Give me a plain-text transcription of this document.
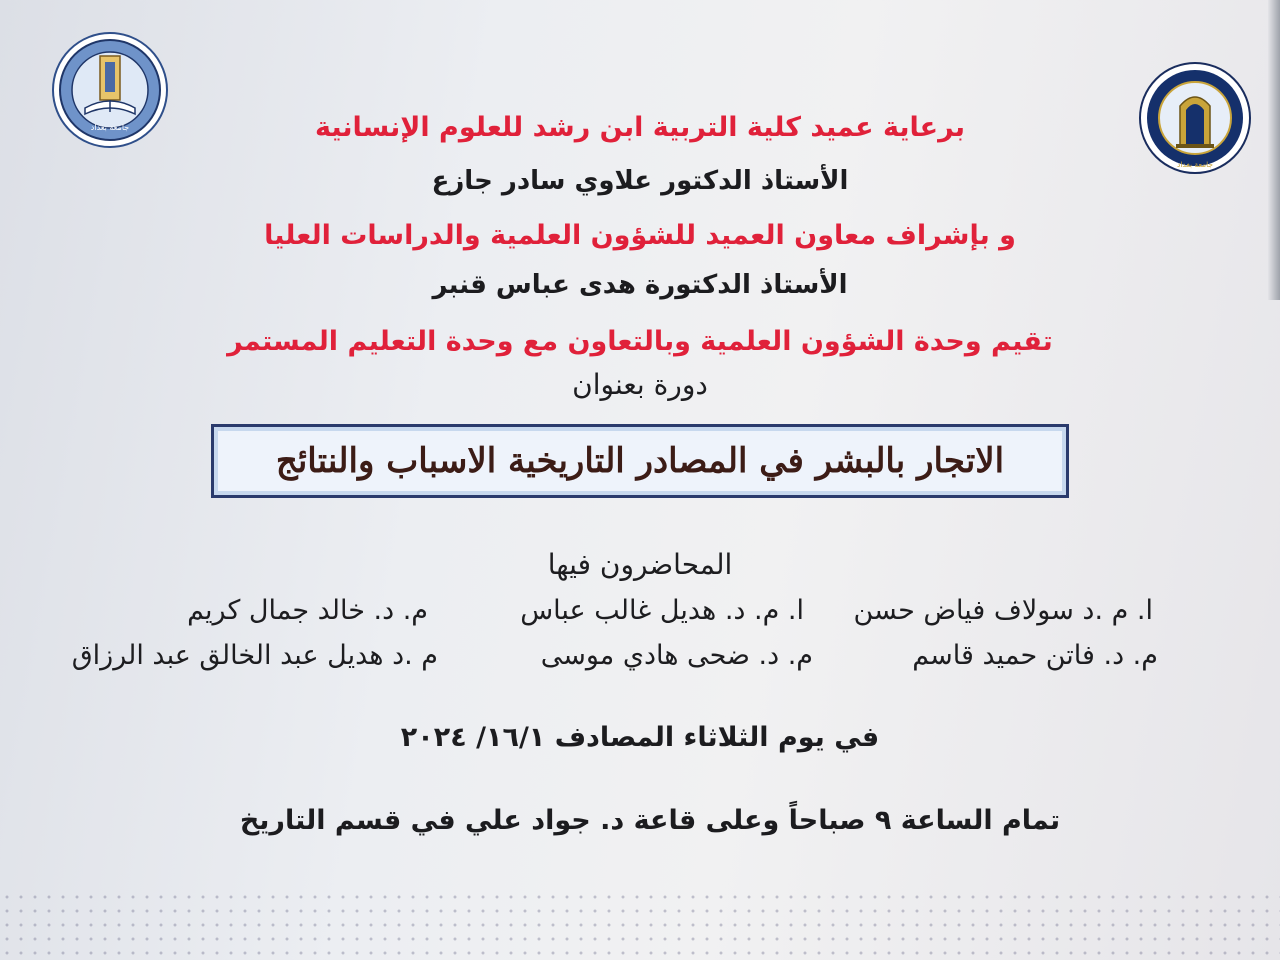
جامعة بغداد
جامعة بغداد
برعاية عميد كلية التربية ابن رشد للعلوم الإنسانية
الأستاذ الدكتور علاوي سادر جازع
و بإشراف معاون العميد للشؤون العلمية والدراسات العليا
الأستاذ الدكتورة هدى عباس قنبر
تقيم وحدة الشؤون العلمية وبالتعاون مع وحدة التعليم المستمر
دورة بعنوان
الاتجار بالبشر في المصادر التاريخية الاسباب والنتائج
المحاضرون فيها
ا. م .د سولاف فياض حسن
ا. م. د. هديل غالب عباس
م. د. خالد جمال كريم
م. د. فاتن حميد قاسم
م. د. ضحى هادي موسى
م .د هديل عبد الخالق عبد الرزاق
في يوم الثلاثاء المصادف ١٦/١/ ٢٠٢٤
تمام الساعة ٩ صباحاً وعلى قاعة د. جواد علي في قسم التاريخ
